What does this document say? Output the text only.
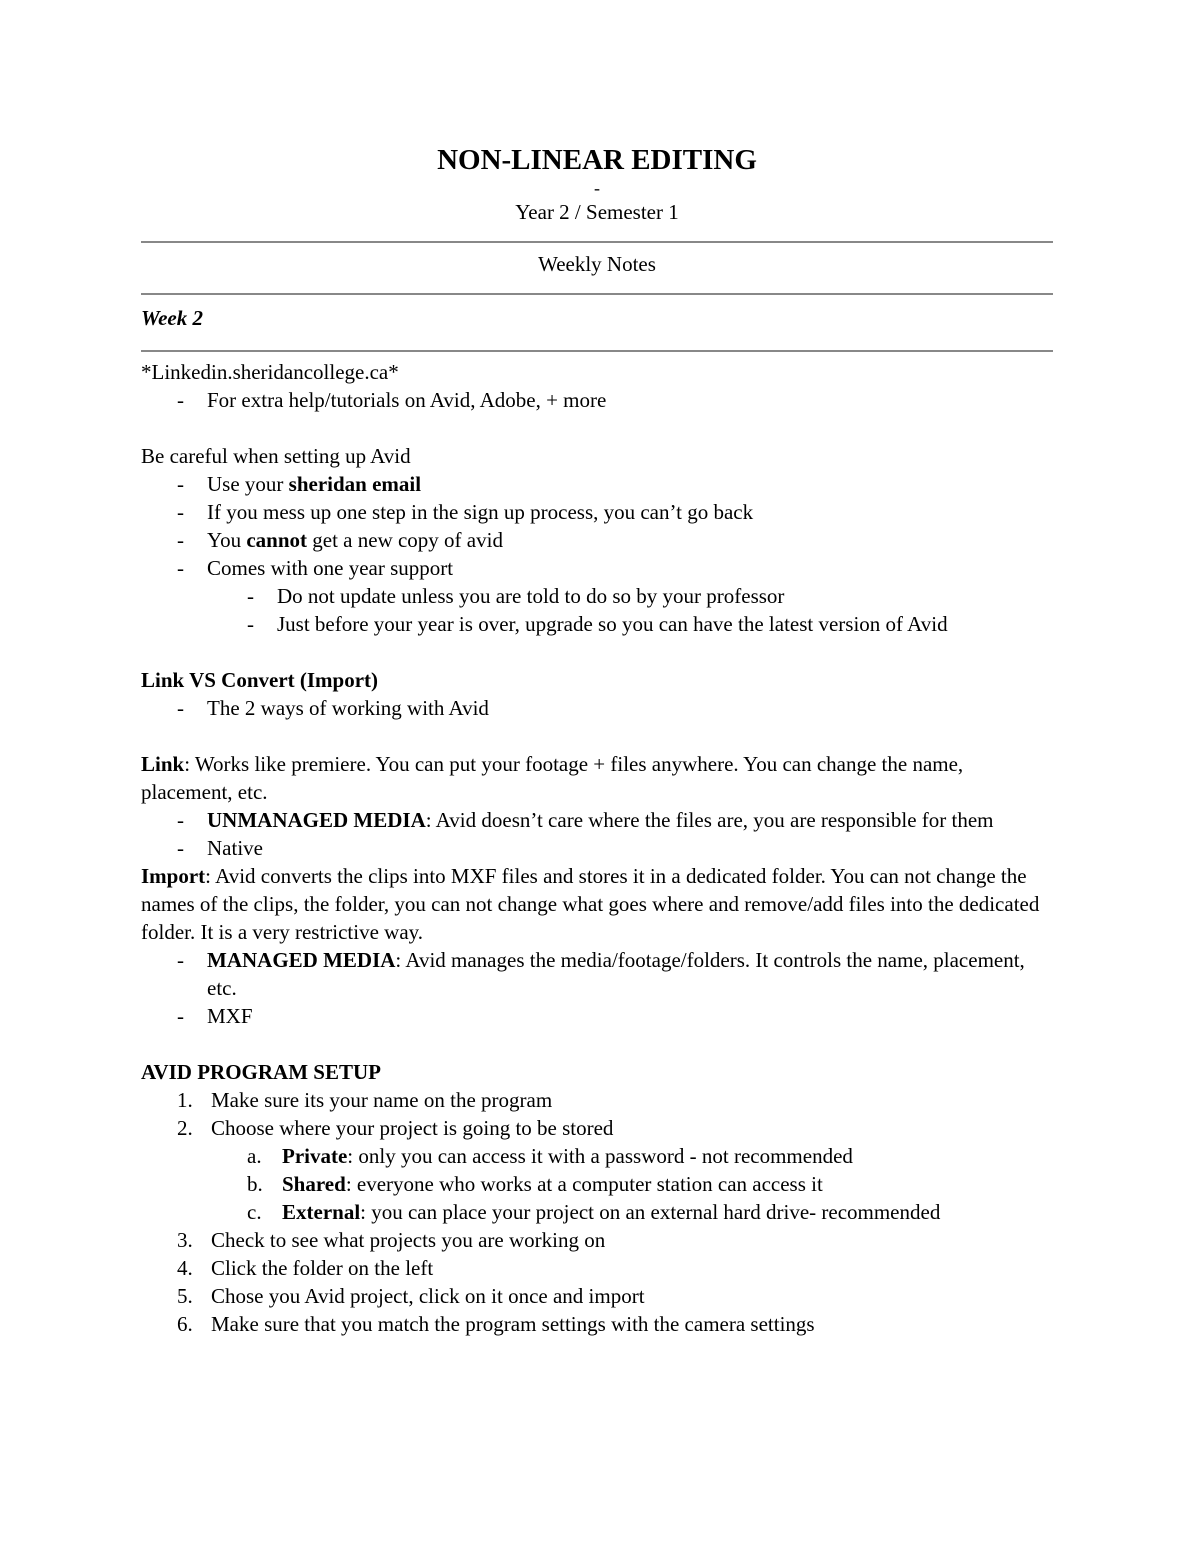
NON-LINEAR EDITING
-
Year 2 / Semester 1
Weekly Notes
Week 2
*Linkedin.sheridancollege.ca*
-	For extra help/tutorials on Avid, Adobe, + more
Be careful when setting up Avid
-	Use your sheridan email
-	If you mess up one step in the sign up process, you can’t go back
-	You cannot get a new copy of avid
-	Comes with one year support
-	Do not update unless you are told to do so by your professor
-	Just before your year is over, upgrade so you can have the latest version of Avid
Link VS Convert (Import)
-	The 2 ways of working with Avid
Link: Works like premiere. You can put your footage + files anywhere. You can change the name, placement, etc.
-	UNMANAGED MEDIA: Avid doesn’t care where the files are, you are responsible for them
-	Native
Import: Avid converts the clips into MXF files and stores it in a dedicated folder. You can not change the names of the clips, the folder, you can not change what goes where and remove/add files into the dedicated folder. It is a very restrictive way.
-	MANAGED MEDIA: Avid manages the media/footage/folders. It controls the name, placement, etc.
-	MXF
AVID PROGRAM SETUP
1. Make sure its your name on the program
2. Choose where your project is going to be stored
a. Private: only you can access it with a password - not recommended
b. Shared: everyone who works at a computer station can access it
c. External: you can place your project on an external hard drive- recommended
3. Check to see what projects you are working on
4. Click the folder on the left
5. Chose you Avid project, click on it once and import
6. Make sure that you match the program settings with the camera settings
